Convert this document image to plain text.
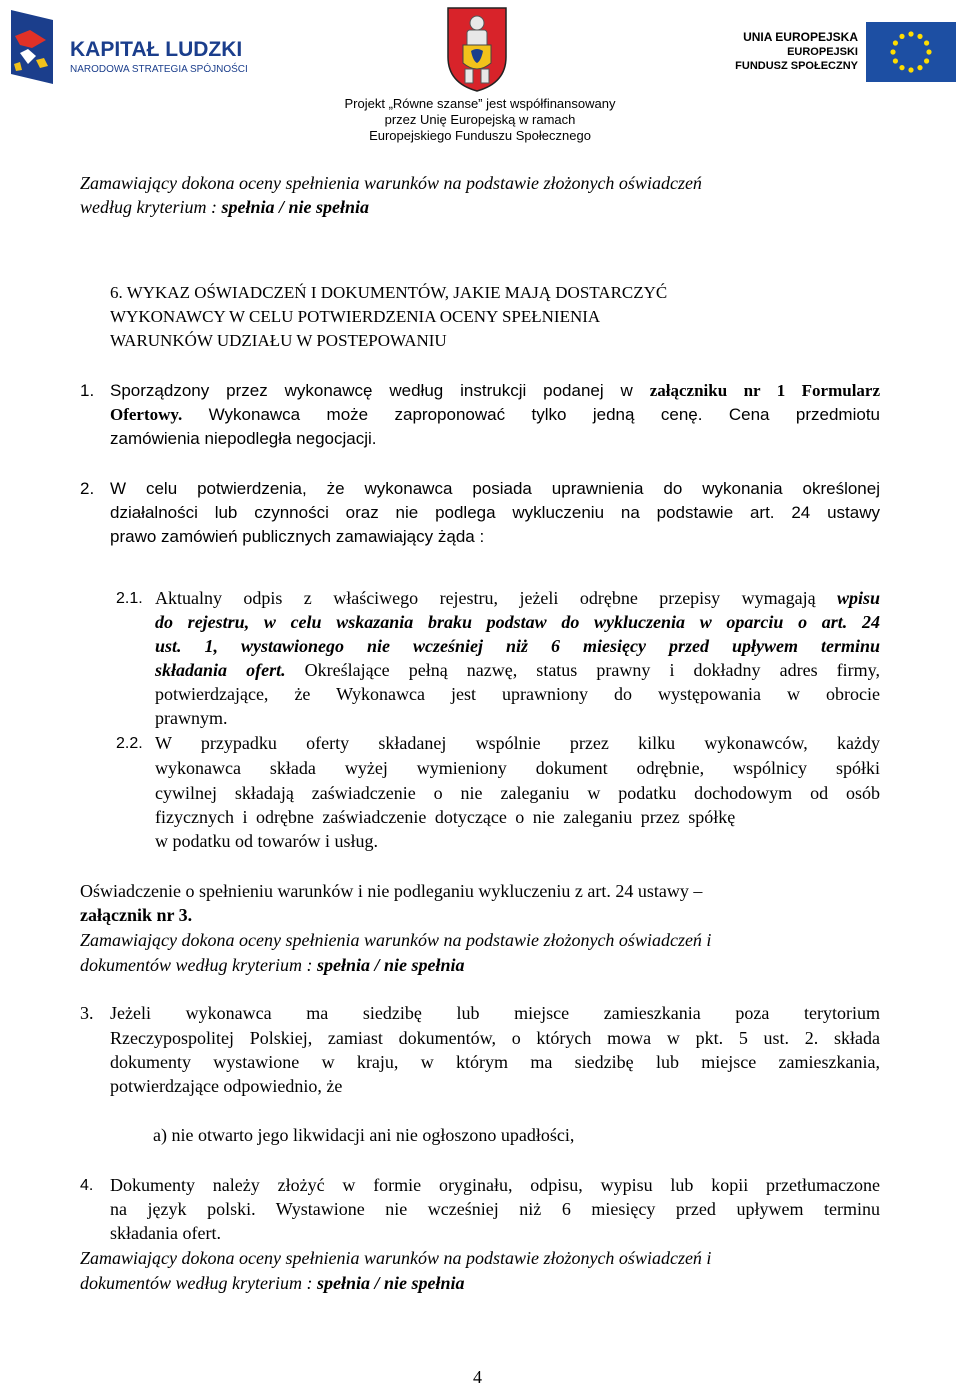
KAPITAŁ LUDZKI
NARODOWA STRATEGIA SPÓJNOŚCI
UNIA EUROPEJSKA
EUROPEJSKI
FUNDUSZ SPOŁECZNY
Projekt „Równe szanse” jest współfinansowany
przez Unię Europejską w ramach
Europejskiego Funduszu Społecznego
Zamawiający dokona oceny spełnienia warunków na podstawie złożonych oświadczeń
według kryterium : spełnia / nie spełnia
6. WYKAZ OŚWIADCZEŃ I DOKUMENTÓW, JAKIE MAJĄ DOSTARCZYĆ
WYKONAWCY W CELU POTWIERDZENIA OCENY SPEŁNIENIA
WARUNKÓW UDZIAŁU W POSTEPOWANIU
1. Sporządzony przez wykonawcę według instrukcji podanej w załączniku nr 1 Formularz
Ofertowy. Wykonawca może zaproponować tylko jedną cenę. Cena przedmiotu
zamówienia niepodległa negocjacji.
2. W celu potwierdzenia, że wykonawca posiada uprawnienia do wykonania określonej
działalności lub czynności oraz nie podlega wykluczeniu na podstawie art. 24 ustawy
prawo zamówień publicznych zamawiający żąda :
2.1. Aktualny odpis z właściwego rejestru, jeżeli odrębne przepisy wymagają wpisu
do rejestru, w celu wskazania braku podstaw do wykluczenia w oparciu o art. 24
ust. 1, wystawionego nie wcześniej niż 6 miesięcy przed upływem terminu
składania ofert. Określające pełną nazwę, status prawny i dokładny adres firmy,
potwierdzające, że Wykonawca jest uprawniony do występowania w obrocie
prawnym.
2.2. W przypadku oferty składanej wspólnie przez kilku wykonawców, każdy
wykonawca składa wyżej wymieniony dokument odrębnie, wspólnicy spółki
cywilnej składają zaświadczenie o nie zaleganiu w podatku dochodowym od osób
fizycznych i odrębne zaświadczenie dotyczące o nie zaleganiu przez spółkę
w podatku od towarów i usług.
Oświadczenie o spełnieniu warunków i nie podleganiu wykluczeniu z art. 24 ustawy –
załącznik nr 3.
Zamawiający dokona oceny spełnienia warunków na podstawie złożonych oświadczeń i
dokumentów według kryterium : spełnia / nie spełnia
3. Jeżeli wykonawca ma siedzibę lub miejsce zamieszkania poza terytorium
Rzeczypospolitej Polskiej, zamiast dokumentów, o których mowa w pkt. 5 ust. 2. składa
dokumenty wystawione w kraju, w którym ma siedzibę lub miejsce zamieszkania,
potwierdzające odpowiednio, że
a) nie otwarto jego likwidacji ani nie ogłoszono upadłości,
4. Dokumenty należy złożyć w formie oryginału, odpisu, wypisu lub kopii przetłumaczone
na język polski. Wystawione nie wcześniej niż 6 miesięcy przed upływem terminu
składania ofert.
Zamawiający dokona oceny spełnienia warunków na podstawie złożonych oświadczeń i
dokumentów według kryterium : spełnia / nie spełnia
4
